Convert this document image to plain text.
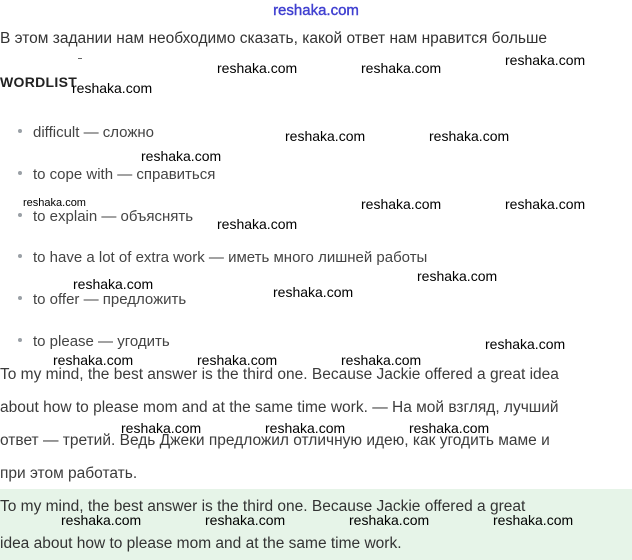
reshaka.com
В этом задании нам необходимо сказать, какой ответ нам нравится больше
WORDLIST
difficult — сложно
to cope with — справиться
to explain — объяснять
to have a lot of extra work — иметь много лишней работы
to offer — предложить
to please — угодить
To my mind, the best answer is the third one. Because Jackie offered a great idea
about how to please mom and at the same time work. — На мой взгляд, лучший
ответ — третий. Ведь Джеки предложил отличную идею, как угодить маме и
при этом работать.
To my mind, the best answer is the third one. Because Jackie offered a great
idea about how to please mom and at the same time work.
reshaka.com	reshaka.com	reshaka.com
reshaka.com
reshaka.com	reshaka.com
reshaka.com
reshaka.com	reshaka.com	reshaka.com
reshaka.com
reshaka.com
reshaka.com	reshaka.com
reshaka.com
reshaka.com	reshaka.com	reshaka.com
reshaka.com	reshaka.com	reshaka.com
reshaka.com	reshaka.com	reshaka.com	reshaka.com
